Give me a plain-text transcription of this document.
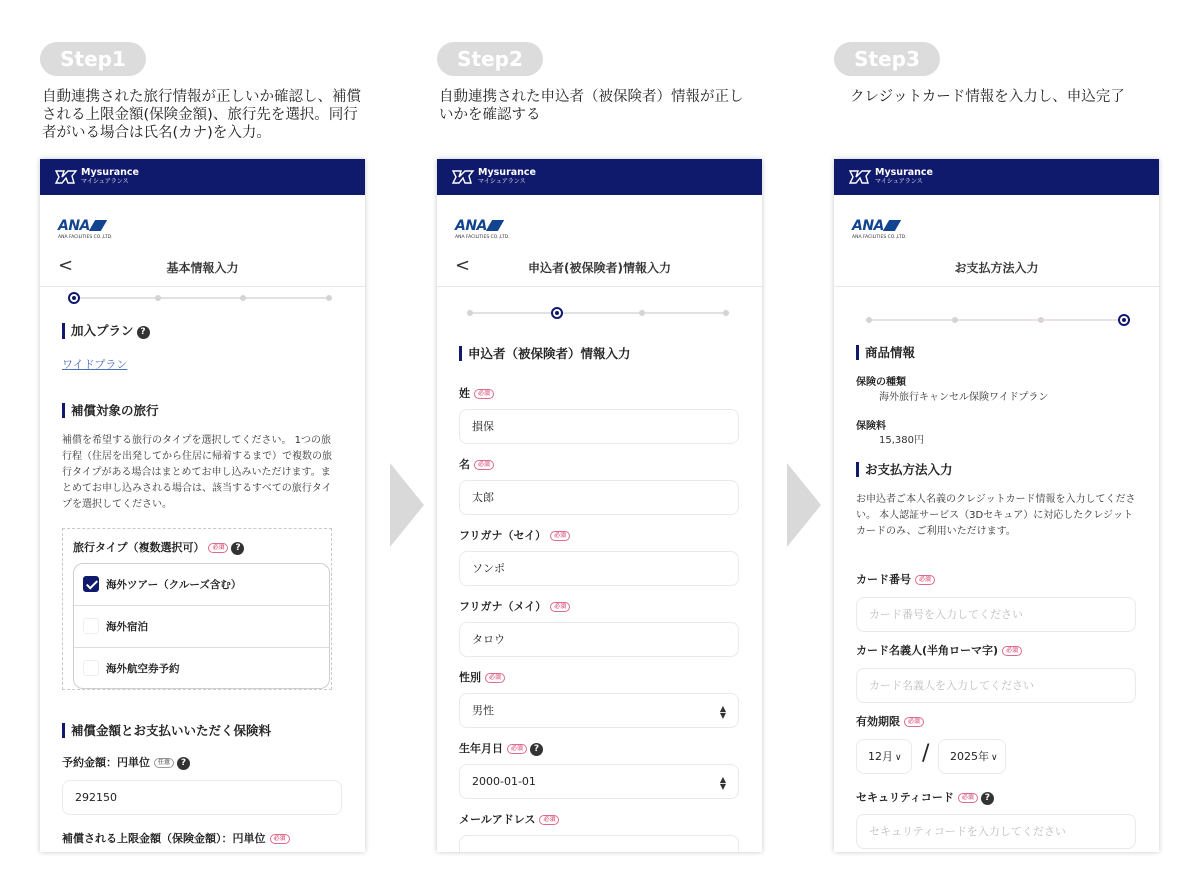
Step1
自動連携された旅行情報が正しいか確認し、補償される上限金額(保険金額)、旅行先を選択。同行者がいる場合は氏名(カナ)を入力。
Mysurance
マイシュアランス
ANA
ANA FACILITIES CO.,LTD.
<	基本情報入力
加入プラン ?
ワイドプラン
補償対象の旅行
補償を希望する旅行のタイプを選択してください。 1つの旅行程（住居を出発してから住居に帰着するまで）で複数の旅行タイプがある場合はまとめてお申し込みいただけます。まとめてお申し込みされる場合は、該当するすべての旅行タイプを選択してください。
旅行タイプ（複数選択可） 必須 ?
海外ツアー（クルーズ含む）
海外宿泊
海外航空券予約
補償金額とお支払いいただく保険料
予約金額：円単位 任意 ?
292150
補償される上限金額（保険金額）：円単位 必須
Step2
自動連携された申込者（被保険者）情報が正しいかを確認する
Mysurance
マイシュアランス
ANA
ANA FACILITIES CO.,LTD.
<	申込者(被保険者)情報入力
申込者（被保険者）情報入力
姓 必須
損保
名 必須
太郎
フリガナ（セイ） 必須
ソンポ
フリガナ（メイ） 必須
タロウ
性別 必須
男性	▲
▼
生年月日 必須 ?
2000-01-01	▲
▼
メールアドレス 必須
Step3
クレジットカード情報を入力し、申込完了
Mysurance
マイシュアランス
ANA
ANA FACILITIES CO.,LTD.
お支払方法入力
商品情報
保険の種類
海外旅行キャンセル保険ワイドプラン
保険料
15,380円
お支払方法入力
お申込者ご本人名義のクレジットカード情報を入力してください。 本人認証サービス（3Dセキュア）に対応したクレジットカードのみ、ご利用いただけます。
カード番号 必須
カード番号を入力してください
カード名義人(半角ローマ字) 必須
カード名義人を入力してください
有効期限 必須
12月 ∨ /	2025年 ∨
セキュリティコード 必須 ?
セキュリティコードを入力してください
